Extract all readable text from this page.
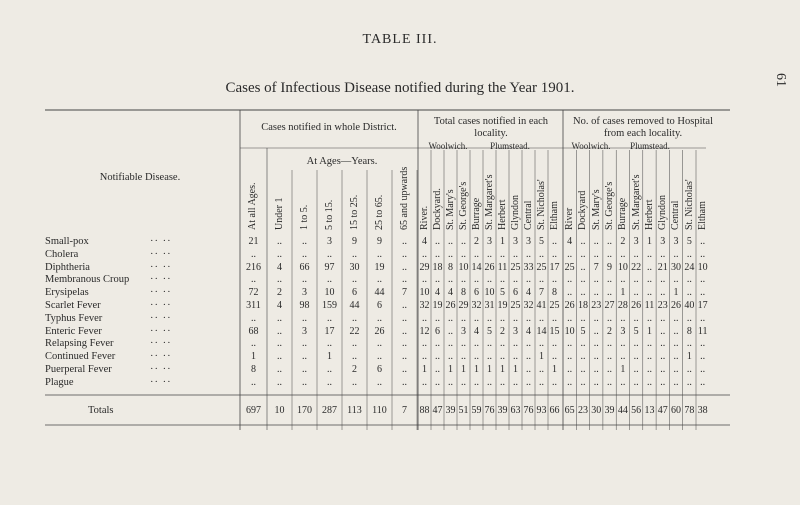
61
TABLE III.
Cases of Infectious Disease notified during the Year 1901.
Notifiable Disease.
Cases notified in whole District.
Total cases notified in each locality.
No. of cases removed to Hospital from each locality.
Woolwich.	Plumstead.	Woolwich.	Plumstead.
At Ages—Years.
At all Ages. Under 1 1 to 5. 5 to 15. 15 to 25. 25 to 65. 65 and upwards River. Dockyard. St. Mary's St. George's Burrage St. Margaret's Herbert Glyndon Central St. Nicholas' Eltham River Dockyard St. Mary's St. George's Burrage St. Margaret's Herbert Glyndon Central St. Nicholas' Eltham
Small-pox	·· ··	21	..	..	3	9	9	..	4 .. .. .. 2 3 1 3 3 5 ..	4 .. .. .. 2 3 1 3 3 5 ..
Cholera	·· ··	..	..	..	..	..	..	..	.. .. .. .. .. .. .. .. .. .. ..	.. .. .. .. .. .. .. .. .. .. ..
Diphtheria	·· ··	216	4	66	97	30	19	..	29 18 8 10 14 26 11 25 33 25 17 25 .. 7 9 10 22 .. 21 30 24 10
Membranous Croup ·· ··	..	..	..	..	..	..	..	.. .. .. .. .. .. .. .. .. .. ..	.. .. .. .. .. .. .. .. .. .. ..
Erysipelas	·· ··	72	2	3	10	6	44	7	10 4 4 8 6 10 5 6 4 7 8	.. .. .. .. 1 .. .. .. 1 .. ..
Scarlet Fever	·· ··	311	4	98	159	44	6	..	32 19 26 29 32 31 19 25 32 41 25 26 18 23 27 28 26 11 23 26 40 17
Typhus Fever	·· ··	..	..	..	..	..	..	..	.. .. .. .. .. .. .. .. .. .. ..	.. .. .. .. .. .. .. .. .. .. ..
Enteric Fever	·· ··	68	..	3	17	22	26	..	12 6 .. 3 4 5 2 3 4 14 15 10 5 .. 2 3 5 1 .. .. 8 11
Relapsing Fever	·· ··	..	..	..	..	..	..	..	.. .. .. .. .. .. .. .. .. .. ..	.. .. .. .. .. .. .. .. .. .. ..
Continued Fever	·· ··	1	..	..	1	..	..	..	.. .. .. .. .. .. .. .. .. 1 ..	.. .. .. .. .. .. .. .. .. 1 ..
Puerperal Fever	·· ··	8	..	..	..	2	6	..	1 .. 1 1 1 1 1 1 .. .. 1	.. .. .. .. 1 .. .. .. .. .. ..
Plague	·· ··	..	..	..	..	..	..	..	.. .. .. .. .. .. .. .. .. .. ..	.. .. .. .. .. .. .. .. .. .. ..
Totals	697	10	170	287	113	110	7	88 47 39 51 59 76 39 63 76 93 66 65 23 30 39 44 56 13 47 60 78 38
